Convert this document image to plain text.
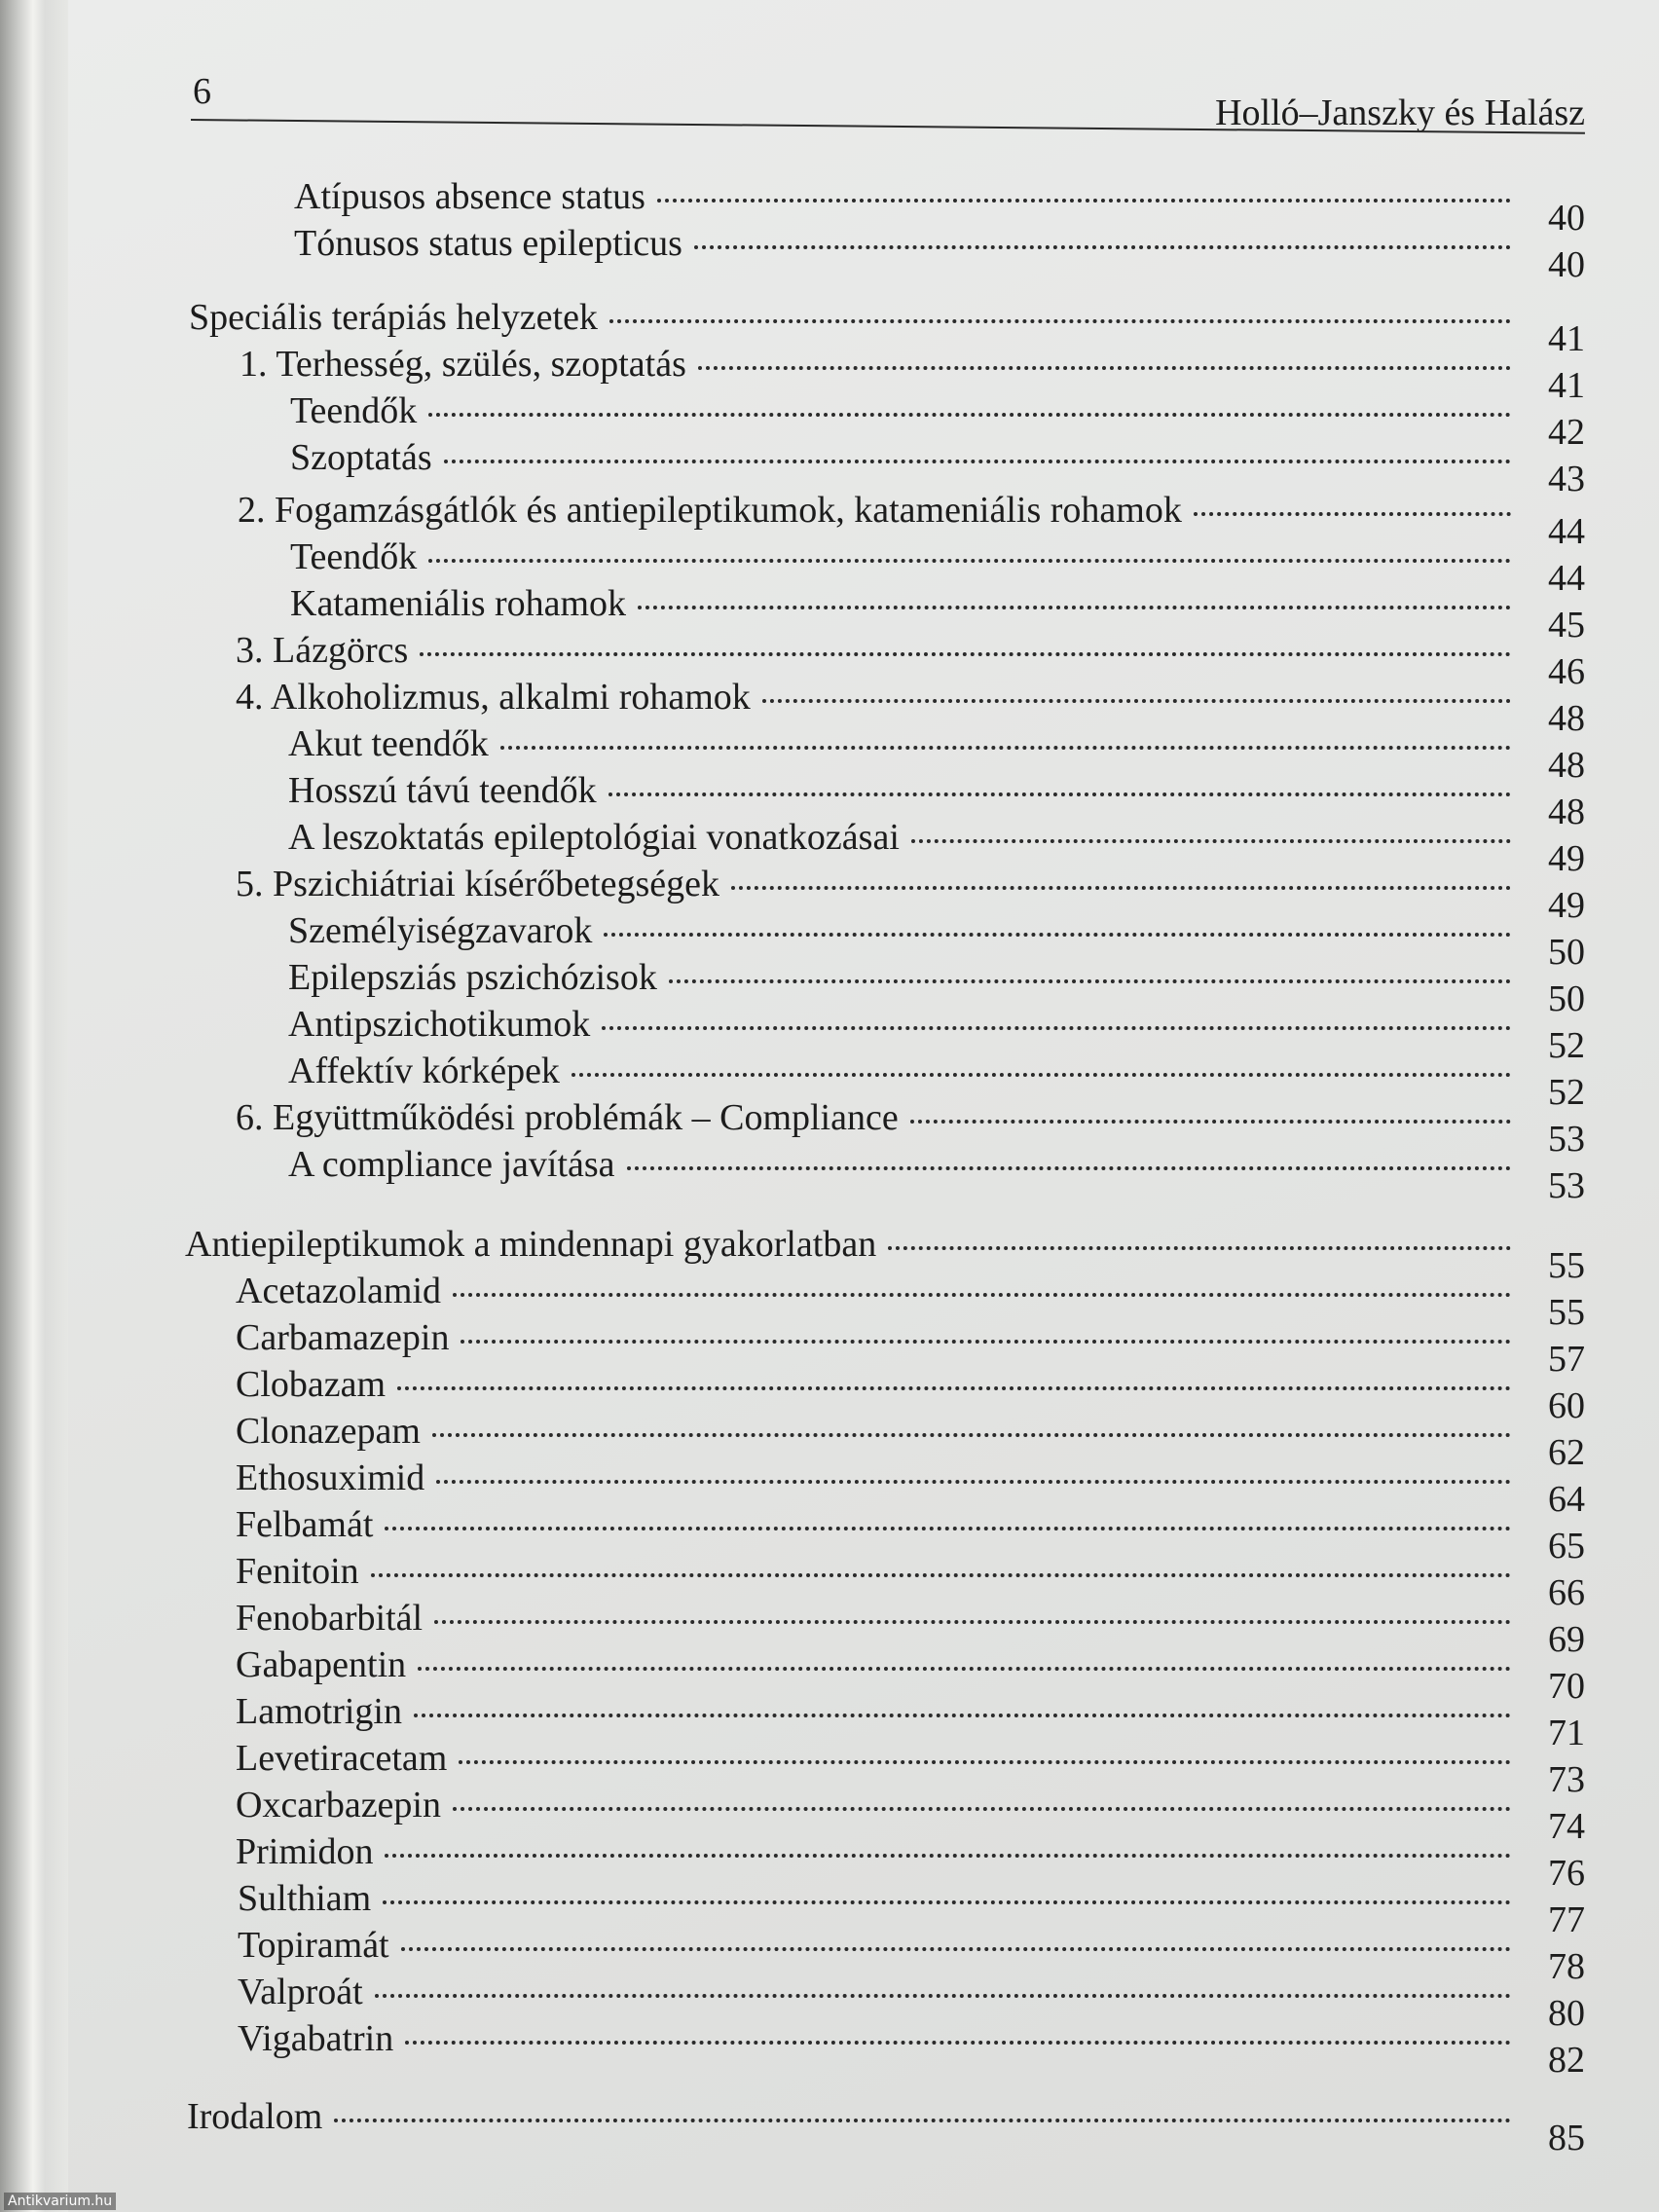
6
Holló–Janszky és Halász
Atípusos absence status
40
Tónusos status epilepticus
40
Speciális terápiás helyzetek
41
1. Terhesség, szülés, szoptatás
41
Teendők
42
Szoptatás
43
2. Fogamzásgátlók és antiepileptikumok, katameniális rohamok
44
Teendők
44
Katameniális rohamok
45
3. Lázgörcs
46
4. Alkoholizmus, alkalmi rohamok
48
Akut teendők
48
Hosszú távú teendők
48
A leszoktatás epileptológiai vonatkozásai
49
5. Pszichiátriai kísérőbetegségek
49
Személyiségzavarok
50
Epilepsziás pszichózisok
50
Antipszichotikumok
52
Affektív kórképek
52
6. Együttműködési problémák – Compliance
53
A compliance javítása
53
Antiepileptikumok a mindennapi gyakorlatban
55
Acetazolamid
55
Carbamazepin
57
Clobazam
60
Clonazepam
62
Ethosuximid
64
Felbamát
65
Fenitoin
66
Fenobarbitál
69
Gabapentin
70
Lamotrigin
71
Levetiracetam
73
Oxcarbazepin
74
Primidon
76
Sulthiam
77
Topiramát
78
Valproát
80
Vigabatrin
82
Irodalom
85
Antikvarium.hu
